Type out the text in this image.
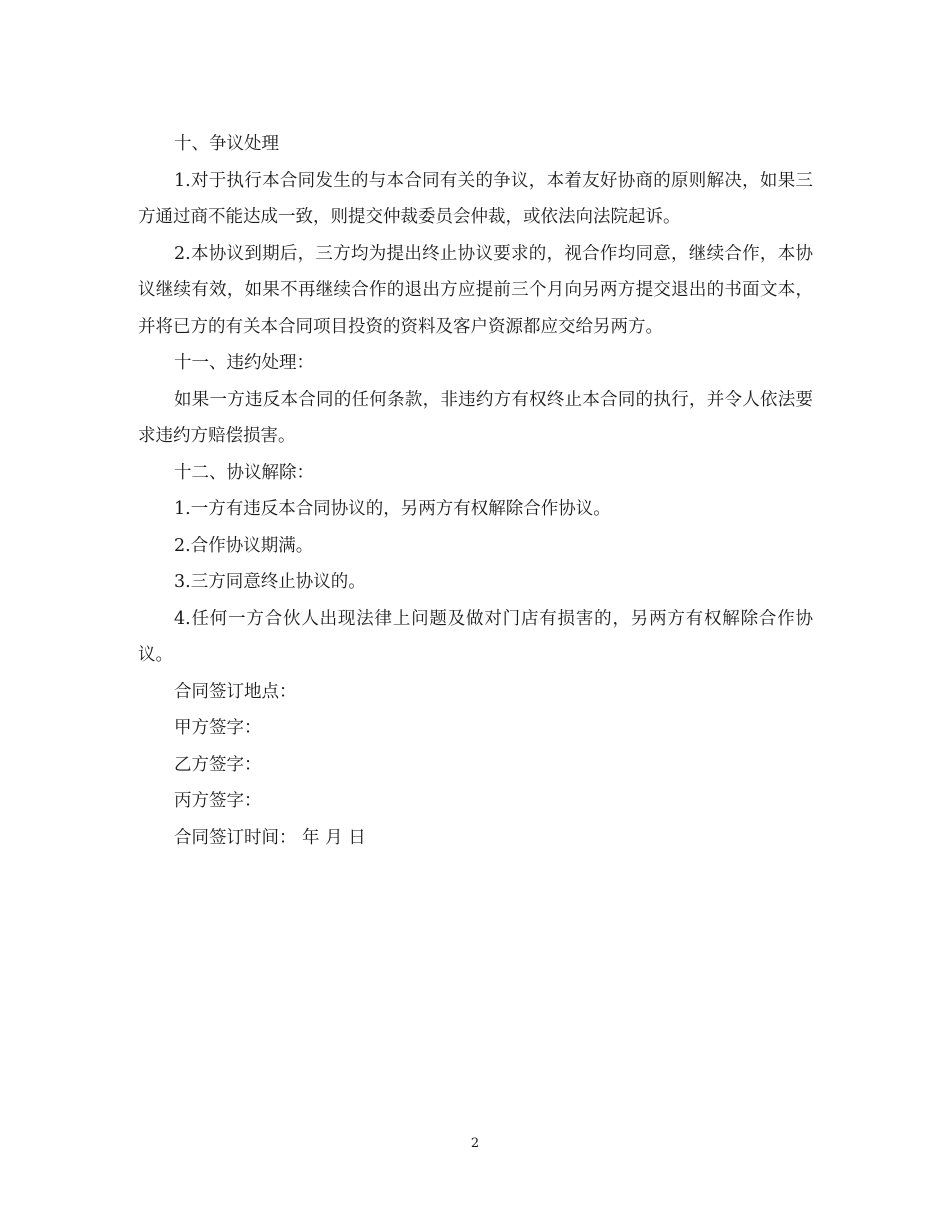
十、争议处理

1.对于执行本合同发生的与本合同有关的争议，本着友好协商的原则解决，如果三方通过商不能达成一致，则提交仲裁委员会仲裁，或依法向法院起诉。

2.本协议到期后，三方均为提出终止协议要求的，视合作均同意，继续合作，本协议继续有效，如果不再继续合作的退出方应提前三个月向另两方提交退出的书面文本，并将已方的有关本合同项目投资的资料及客户资源都应交给另两方。

十一、违约处理：

如果一方违反本合同的任何条款，非违约方有权终止本合同的执行，并令人依法要求违约方赔偿损害。

十二、协议解除：

1.一方有违反本合同协议的，另两方有权解除合作协议。

2.合作协议期满。

3.三方同意终止协议的。

4.任何一方合伙人出现法律上问题及做对门店有损害的，另两方有权解除合作协议。

合同签订地点：

甲方签字：

乙方签字：

丙方签字：

合同签订时间： 年 月 日

2
